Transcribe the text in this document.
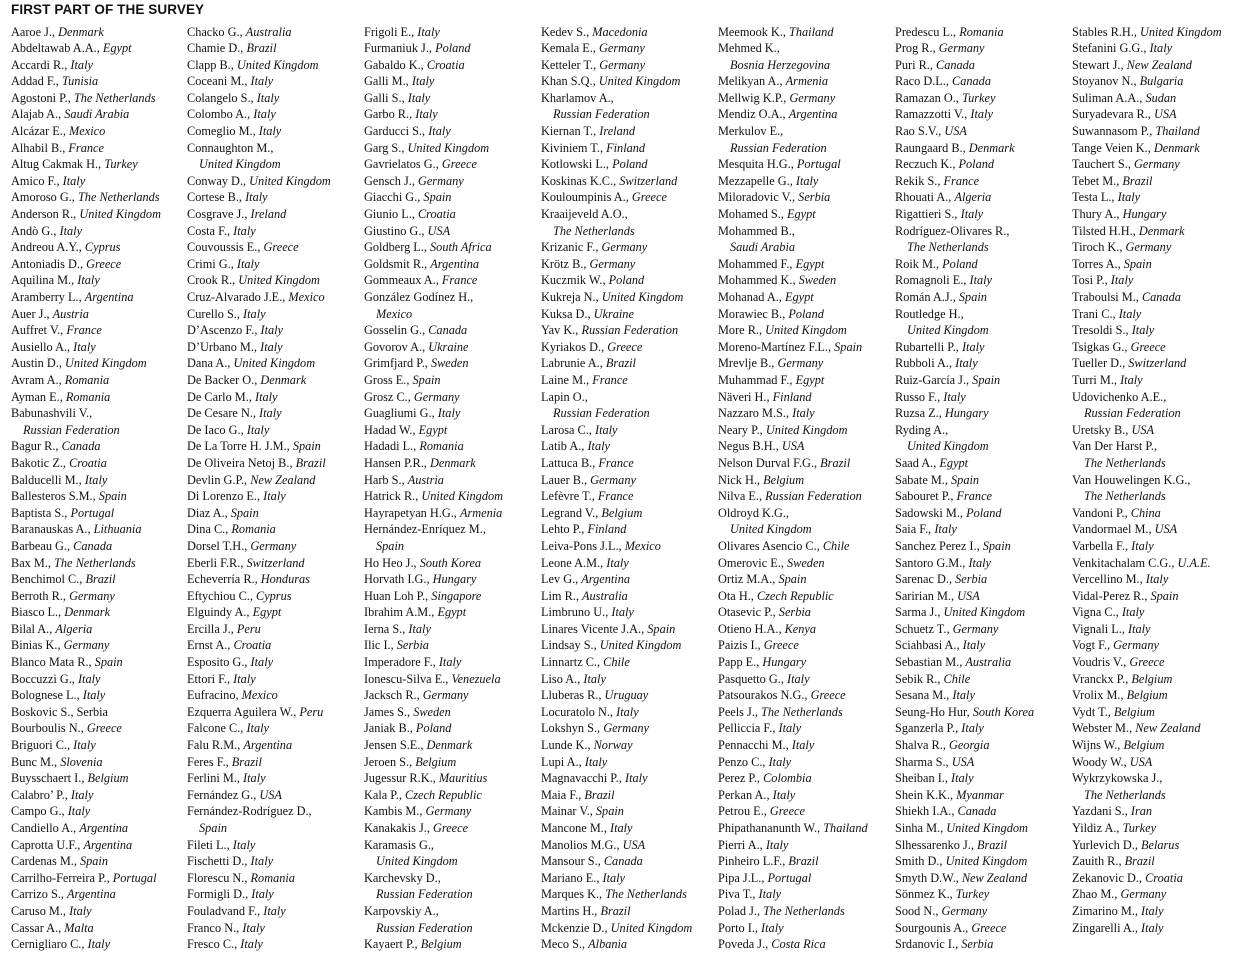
FIRST PART OF THE SURVEY
Aaroe J., Denmark
Abdeltawab A.A., Egypt
Accardi R., Italy
Addad F., Tunisia
Agostoni P., The Netherlands
Alajab A., Saudi Arabia
Alcázar E., Mexico
Alhabil B., France
Altug Cakmak H., Turkey
Amico F., Italy
Amoroso G., The Netherlands
Anderson R., United Kingdom
Andò G., Italy
Andreou A.Y., Cyprus
Antoniadis D., Greece
Aquilina M., Italy
Aramberry L., Argentina
Auer J., Austria
Auffret V., France
Ausiello A., Italy
Austin D., United Kingdom
Avram A., Romania
Ayman E., Romania
Babunashvili V.,
Russian Federation
Bagur R., Canada
Bakotic Z., Croatia
Balducelli M., Italy
Ballesteros S.M., Spain
Baptista S., Portugal
Baranauskas A., Lithuania
Barbeau G., Canada
Bax M., The Netherlands
Benchimol C., Brazil
Berroth R., Germany
Biasco L., Denmark
Bilal A., Algeria
Binias K., Germany
Blanco Mata R., Spain
Boccuzzi G., Italy
Bolognese L., Italy
Boskovic S., Serbia
Bourboulis N., Greece
Briguori C., Italy
Bunc M., Slovenia
Buysschaert I., Belgium
Calabro’ P., Italy
Campo G., Italy
Candiello A., Argentina
Caprotta U.F., Argentina
Cardenas M., Spain
Carrilho-Ferreira P., Portugal
Carrizo S., Argentina
Caruso M., Italy
Cassar A., Malta
Cernigliaro C., Italy
Chacko G., Australia
Chamie D., Brazil
Clapp B., United Kingdom
Coceani M., Italy
Colangelo S., Italy
Colombo A., Italy
Comeglio M., Italy
Connaughton M.,
United Kingdom
Conway D., United Kingdom
Cortese B., Italy
Cosgrave J., Ireland
Costa F., Italy
Couvoussis E., Greece
Crimi G., Italy
Crook R., United Kingdom
Cruz-Alvarado J.E., Mexico
Curello S., Italy
D’Ascenzo F., Italy
D’Urbano M., Italy
Dana A., United Kingdom
De Backer O., Denmark
De Carlo M., Italy
De Cesare N., Italy
De Iaco G., Italy
De La Torre H. J.M., Spain
De Oliveira Netoj B., Brazil
Devlin G.P., New Zealand
Di Lorenzo E., Italy
Diaz A., Spain
Dina C., Romania
Dorsel T.H., Germany
Eberli F.R., Switzerland
Echeverría R., Honduras
Eftychiou C., Cyprus
Elguindy A., Egypt
Ercilla J., Peru
Ernst A., Croatia
Esposito G., Italy
Ettori F., Italy
Eufracino, Mexico
Ezquerra Aguilera W., Peru
Falcone C., Italy
Falu R.M., Argentina
Feres F., Brazil
Ferlini M., Italy
Fernández G., USA
Fernández-Rodríguez D.,
Spain
Fileti L., Italy
Fischetti D., Italy
Florescu N., Romania
Formigli D., Italy
Fouladvand F., Italy
Franco N., Italy
Fresco C., Italy
Frigoli E., Italy
Furmaniuk J., Poland
Gabaldo K., Croatia
Galli M., Italy
Galli S., Italy
Garbo R., Italy
Garducci S., Italy
Garg S., United Kingdom
Gavrielatos G., Greece
Gensch J., Germany
Giacchi G., Spain
Giunio L., Croatia
Giustino G., USA
Goldberg L., South Africa
Goldsmit R., Argentina
Gommeaux A., France
González Godínez H.,
Mexico
Gosselin G., Canada
Govorov A., Ukraine
Grimfjard P., Sweden
Gross E., Spain
Grosz C., Germany
Guagliumi G., Italy
Hadad W., Egypt
Hadadi L., Romania
Hansen P.R., Denmark
Harb S., Austria
Hatrick R., United Kingdom
Hayrapetyan H.G., Armenia
Hernández-Enríquez M.,
Spain
Ho Heo J., South Korea
Horvath I.G., Hungary
Huan Loh P., Singapore
Ibrahim A.M., Egypt
Ierna S., Italy
Ilic I., Serbia
Imperadore F., Italy
Ionescu-Silva E., Venezuela
Jacksch R., Germany
James S., Sweden
Janiak B., Poland
Jensen S.E., Denmark
Jeroen S., Belgium
Jugessur R.K., Mauritius
Kala P., Czech Republic
Kambis M., Germany
Kanakakis J., Greece
Karamasis G.,
United Kingdom
Karchevsky D.,
Russian Federation
Karpovskiy A.,
Russian Federation
Kayaert P., Belgium
Kedev S., Macedonia
Kemala E., Germany
Ketteler T., Germany
Khan S.Q., United Kingdom
Kharlamov A.,
Russian Federation
Kiernan T., Ireland
Kiviniem T., Finland
Kotlowski L., Poland
Koskinas K.C., Switzerland
Kouloumpinis A., Greece
Kraaijeveld A.O.,
The Netherlands
Krizanic F., Germany
Krötz B., Germany
Kuczmik W., Poland
Kukreja N., United Kingdom
Kuksa D., Ukraine
Yav K., Russian Federation
Kyriakos D., Greece
Labrunie A., Brazil
Laine M., France
Lapin O.,
Russian Federation
Larosa C., Italy
Latib A., Italy
Lattuca B., France
Lauer B., Germany
Lefèvre T., France
Legrand V., Belgium
Lehto P., Finland
Leiva-Pons J.L., Mexico
Leone A.M., Italy
Lev G., Argentina
Lim R., Australia
Limbruno U., Italy
Linares Vicente J.A., Spain
Lindsay S., United Kingdom
Linnartz C., Chile
Liso A., Italy
Lluberas R., Uruguay
Locuratolo N., Italy
Lokshyn S., Germany
Lunde K., Norway
Lupi A., Italy
Magnavacchi P., Italy
Maia F., Brazil
Mainar V., Spain
Mancone M., Italy
Manolios M.G., USA
Mansour S., Canada
Mariano E., Italy
Marques K., The Netherlands
Martins H., Brazil
Mckenzie D., United Kingdom
Meco S., Albania
Meemook K., Thailand
Mehmed K.,
Bosnia Herzegovina
Melikyan A., Armenia
Mellwig K.P., Germany
Mendiz O.A., Argentina
Merkulov E.,
Russian Federation
Mesquita H.G., Portugal
Mezzapelle G., Italy
Miloradovic V., Serbia
Mohamed S., Egypt
Mohammed B.,
Saudi Arabia
Mohammed F., Egypt
Mohammed K., Sweden
Mohanad A., Egypt
Morawiec B., Poland
More R., United Kingdom
Moreno-Martínez F.L., Spain
Mrevlje B., Germany
Muhammad F., Egypt
Näveri H., Finland
Nazzaro M.S., Italy
Neary P., United Kingdom
Negus B.H., USA
Nelson Durval F.G., Brazil
Nick H., Belgium
Nilva E., Russian Federation
Oldroyd K.G.,
United Kingdom
Olivares Asencio C., Chile
Omerovic E., Sweden
Ortiz M.A., Spain
Ota H., Czech Republic
Otasevic P., Serbia
Otieno H.A., Kenya
Paizis I., Greece
Papp E., Hungary
Pasquetto G., Italy
Patsourakos N.G., Greece
Peels J., The Netherlands
Pelliccia F., Italy
Pennacchi M., Italy
Penzo C., Italy
Perez P., Colombia
Perkan A., Italy
Petrou E., Greece
Phipathananunth W., Thailand
Pierri A., Italy
Pinheiro L.F., Brazil
Pipa J.L., Portugal
Piva T., Italy
Polad J., The Netherlands
Porto I., Italy
Poveda J., Costa Rica
Predescu L., Romania
Prog R., Germany
Puri R., Canada
Raco D.L., Canada
Ramazan O., Turkey
Ramazzotti V., Italy
Rao S.V., USA
Raungaard B., Denmark
Reczuch K., Poland
Rekik S., France
Rhouati A., Algeria
Rigattieri S., Italy
Rodríguez-Olivares R.,
The Netherlands
Roik M., Poland
Romagnoli E., Italy
Román A.J., Spain
Routledge H.,
United Kingdom
Rubartelli P., Italy
Rubboli A., Italy
Ruiz-García J., Spain
Russo F., Italy
Ruzsa Z., Hungary
Ryding A.,
United Kingdom
Saad A., Egypt
Sabate M., Spain
Sabouret P., France
Sadowski M., Poland
Saia F., Italy
Sanchez Perez I., Spain
Santoro G.M., Italy
Sarenac D., Serbia
Saririan M., USA
Sarma J., United Kingdom
Schuetz T., Germany
Sciahbasi A., Italy
Sebastian M., Australia
Sebik R., Chile
Sesana M., Italy
Seung-Ho Hur, South Korea
Sganzerla P., Italy
Shalva R., Georgia
Sharma S., USA
Sheiban I., Italy
Shein K.K., Myanmar
Shiekh I.A., Canada
Sinha M., United Kingdom
Slhessarenko J., Brazil
Smith D., United Kingdom
Smyth D.W., New Zealand
Sönmez K., Turkey
Sood N., Germany
Sourgounis A., Greece
Srdanovic I., Serbia
Stables R.H., United Kingdom
Stefanini G.G., Italy
Stewart J., New Zealand
Stoyanov N., Bulgaria
Suliman A.A., Sudan
Suryadevara R., USA
Suwannasom P., Thailand
Tange Veien K., Denmark
Tauchert S., Germany
Tebet M., Brazil
Testa L., Italy
Thury A., Hungary
Tilsted H.H., Denmark
Tiroch K., Germany
Torres A., Spain
Tosi P., Italy
Traboulsi M., Canada
Trani C., Italy
Tresoldi S., Italy
Tsigkas G., Greece
Tueller D., Switzerland
Turri M., Italy
Udovichenko A.E.,
Russian Federation
Uretsky B., USA
Van Der Harst P.,
The Netherlands
Van Houwelingen K.G.,
The Netherlands
Vandoni P., China
Vandormael M., USA
Varbella F., Italy
Venkitachalam C.G., U.A.E.
Vercellino M., Italy
Vidal-Perez R., Spain
Vigna C., Italy
Vignali L., Italy
Vogt F., Germany
Voudris V., Greece
Vranckx P., Belgium
Vrolix M., Belgium
Vydt T., Belgium
Webster M., New Zealand
Wijns W., Belgium
Woody W., USA
Wykrzykowska J.,
The Netherlands
Yazdani S., Iran
Yildiz A., Turkey
Yurlevich D., Belarus
Zauith R., Brazil
Zekanovic D., Croatia
Zhao M., Germany
Zimarino M., Italy
Zingarelli A., Italy
